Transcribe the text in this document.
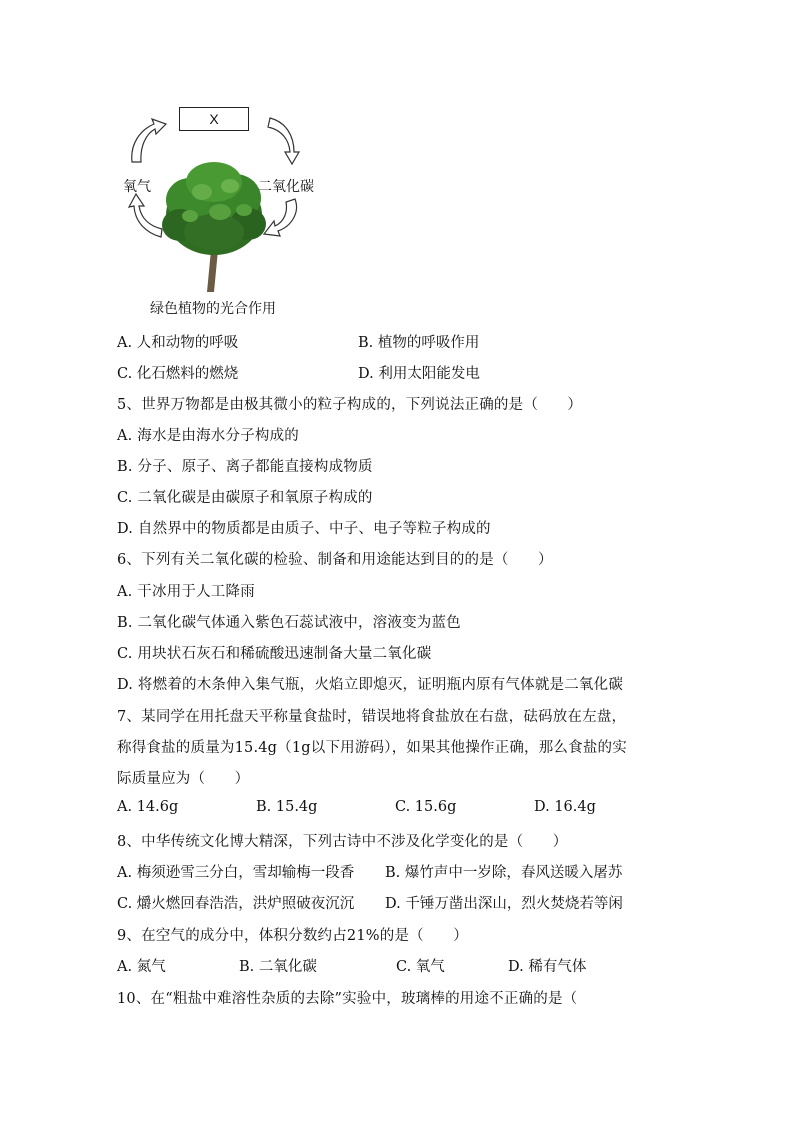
X
氧气	二氧化碳
绿色植物的光合作用
A. 人和动物的呼吸	B. 植物的呼吸作用
C. 化石燃料的燃烧	D. 利用太阳能发电
5、世界万物都是由极其微小的粒子构成的，下列说法正确的是（　　）
A. 海水是由海水分子构成的
B. 分子、原子、离子都能直接构成物质
C. 二氧化碳是由碳原子和氧原子构成的
D. 自然界中的物质都是由质子、中子、电子等粒子构成的
6、下列有关二氧化碳的检验、制备和用途能达到目的的是（　　）
A. 干冰用于人工降雨
B. 二氧化碳气体通入紫色石蕊试液中，溶液变为蓝色
C. 用块状石灰石和稀硫酸迅速制备大量二氧化碳
D. 将燃着的木条伸入集气瓶，火焰立即熄灭，证明瓶内原有气体就是二氧化碳
7、某同学在用托盘天平称量食盐时，错误地将食盐放在右盘，砝码放在左盘，
称得食盐的质量为15.4g（1g以下用游码），如果其他操作正确，那么食盐的实
际质量应为（　　）
A. 14.6g	B. 15.4g	C. 15.6g	D. 16.4g
8、中华传统文化博大精深，下列古诗中不涉及化学变化的是（　　）
A. 梅须逊雪三分白，雪却输梅一段香 B. 爆竹声中一岁除，春风送暖入屠苏
C. 爝火燃回春浩浩，洪炉照破夜沉沉 D. 千锤万凿出深山，烈火焚烧若等闲
9、在空气的成分中，体积分数约占21%的是（　　）
A. 氮气	B. 二氧化碳	C. 氧气	D. 稀有气体
10、在“粗盐中难溶性杂质的去除”实验中，玻璃棒的用途不正确的是（
